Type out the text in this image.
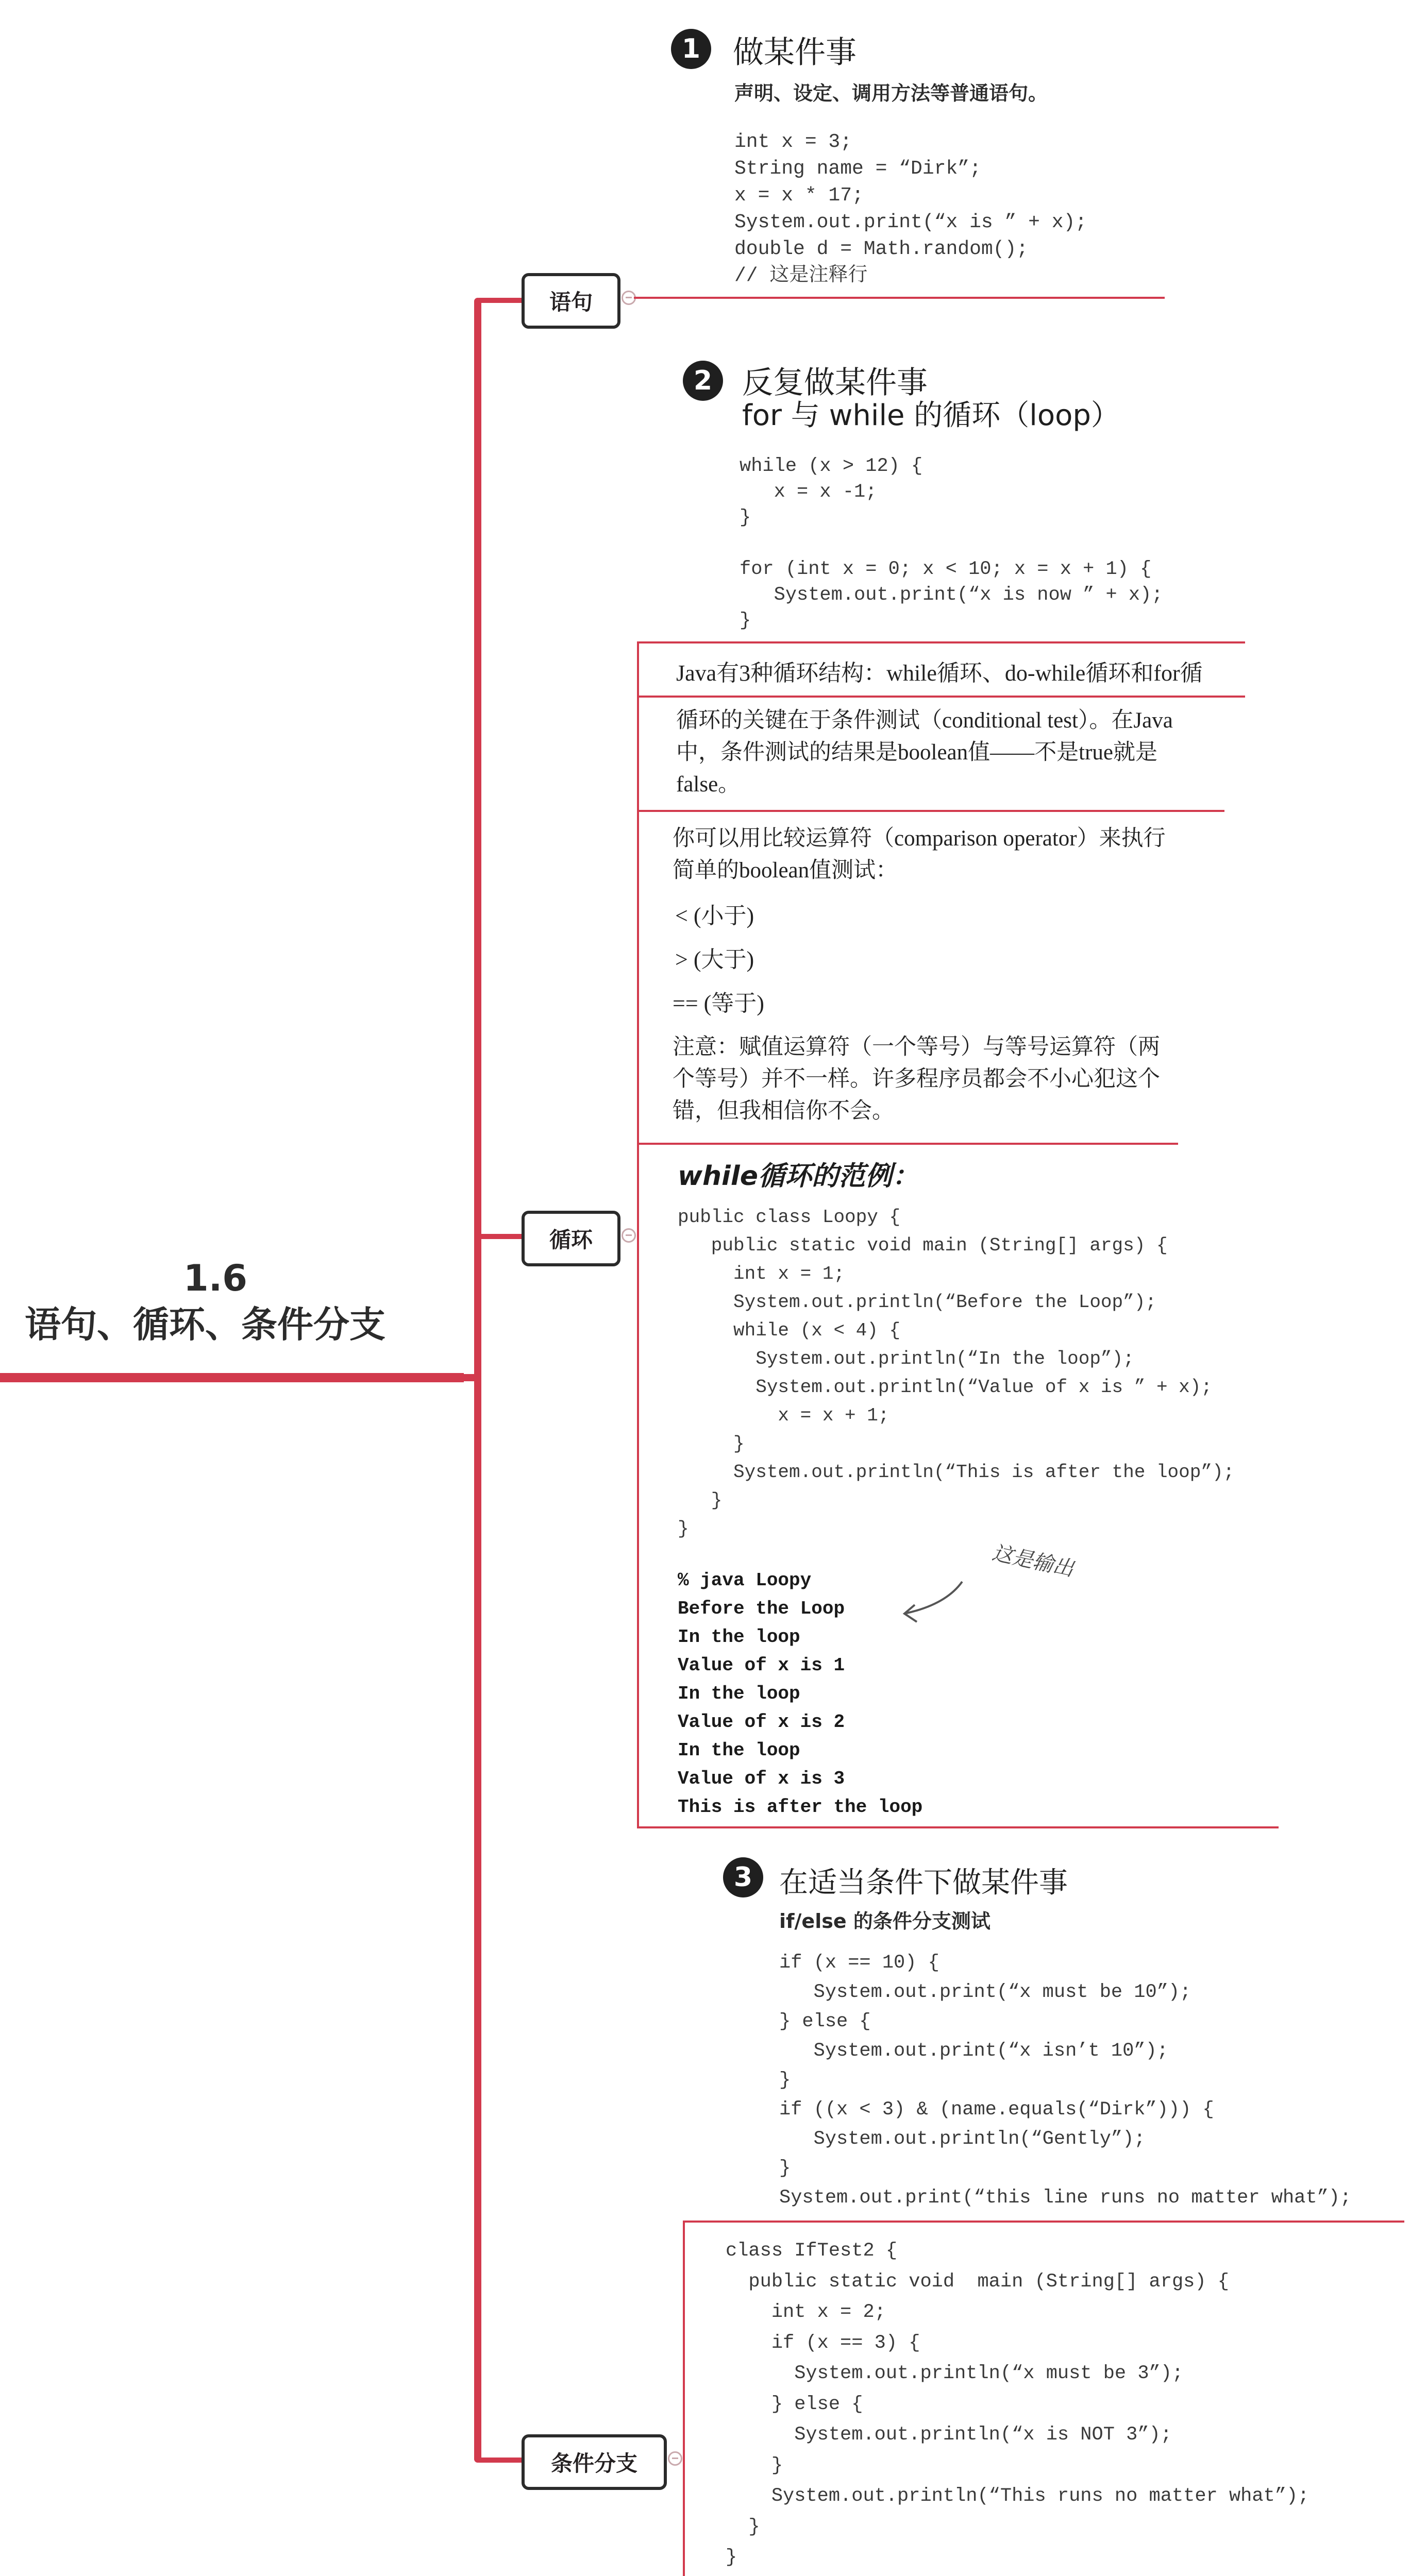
1.6
语句、循环、条件分支
语句
循环
条件分支
1	做某件事
声明、设定、调用方法等普通语句。
int x = 3;
String name = “Dirk”;
x = x * 17;
System.out.print(“x is ” + x);
double d = Math.random();
// 这是注释行
2 反复做某件事
for 与 while 的循环（loop）
while (x > 12) {
x = x -1;
}

for (int x = 0; x < 10; x = x + 1) {
System.out.print(“x is now ” + x);
}
Java有3种循环结构：while循环、do-while循环和for循
循环的关键在于条件测试（conditional test）。在Java中，条件测试的结果是boolean值——不是true就是false。
你可以用比较运算符（comparison operator）来执行简单的boolean值测试：
< (小于)
> (大于)
== (等于)
注意：赋值运算符（一个等号）与等号运算符（两个等号）并不一样。许多程序员都会不小心犯这个错，但我相信你不会。
while循环的范例：
public class Loopy {
public static void main (String[] args) {
int x = 1;
System.out.println(“Before the Loop”);
while (x < 4) {
System.out.println(“In the loop”);
System.out.println(“Value of x is ” + x);
x = x + 1;
}
System.out.println(“This is after the loop”);
}
}
% java Loopy
Before the Loop
In the loop
Value of x is 1
In the loop
Value of x is 2
In the loop
Value of x is 3
This is after the loop
这是输出
3 在适当条件下做某件事
if/else 的条件分支测试
if (x == 10) {
System.out.print(“x must be 10”);
} else {
System.out.print(“x isn’t 10”);
}
if ((x < 3) & (name.equals(“Dirk”))) {
System.out.println(“Gently”);
}
System.out.print(“this line runs no matter what”);
class IfTest2 {
public static void  main (String[] args) {
int x = 2;
if (x == 3) {
System.out.println(“x must be 3”);
} else {
System.out.println(“x is NOT 3”);
}
System.out.println(“This runs no matter what”);
}
}
